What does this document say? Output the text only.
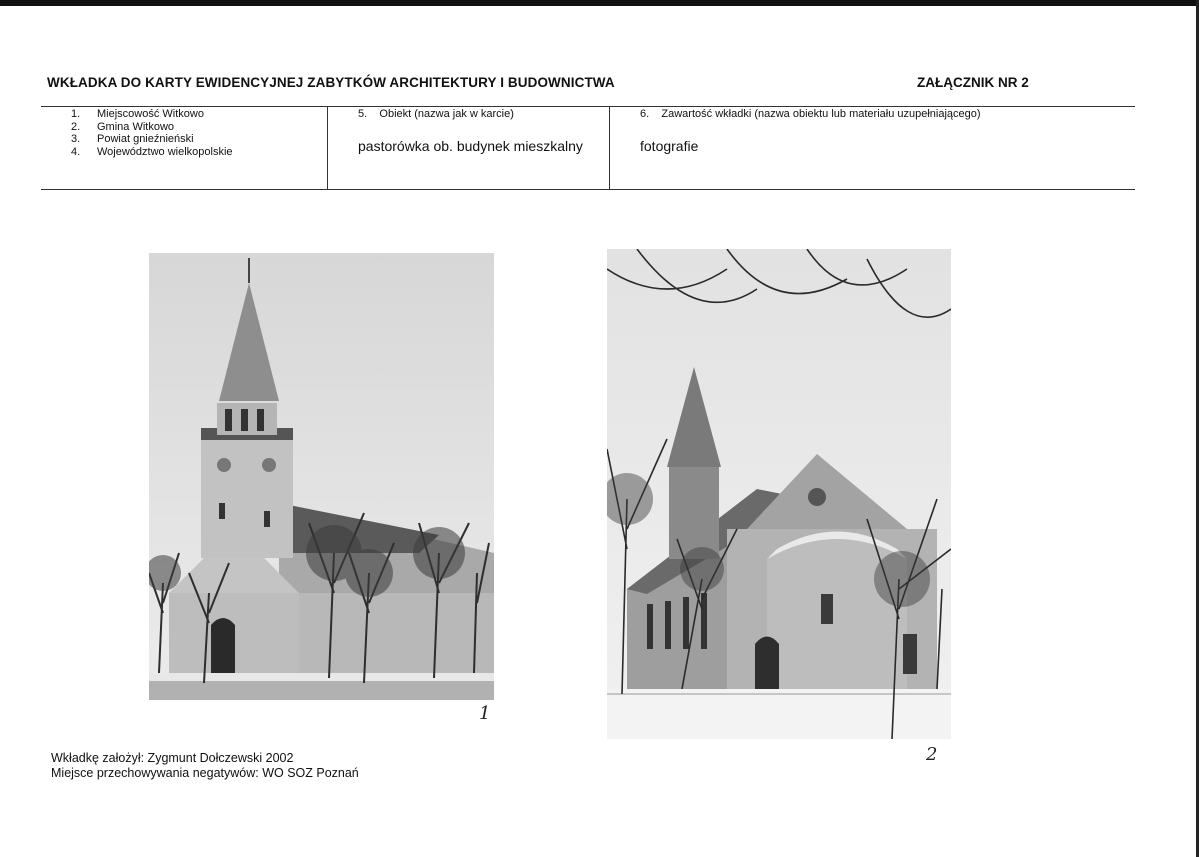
WKŁADKA DO KARTY EWIDENCYJNEJ ZABYTKÓW ARCHITEKTURY I BUDOWNICTWA	ZAŁĄCZNIK NR 2
1.	Miejscowość Witkowo
2.	Gmina Witkowo
3.	Powiat gnieźnieński
4.	Województwo wielkopolskie
5.    Obiekt (nazwa jak w karcie)
pastorówka ob. budynek mieszkalny
6.    Zawartość wkładki (nazwa obiektu lub materiału uzupełniającego)
fotografie
1
2
Wkładkę założył: Zygmunt Dołczewski 2002
Miejsce przechowywania negatywów: WO SOZ Poznań
